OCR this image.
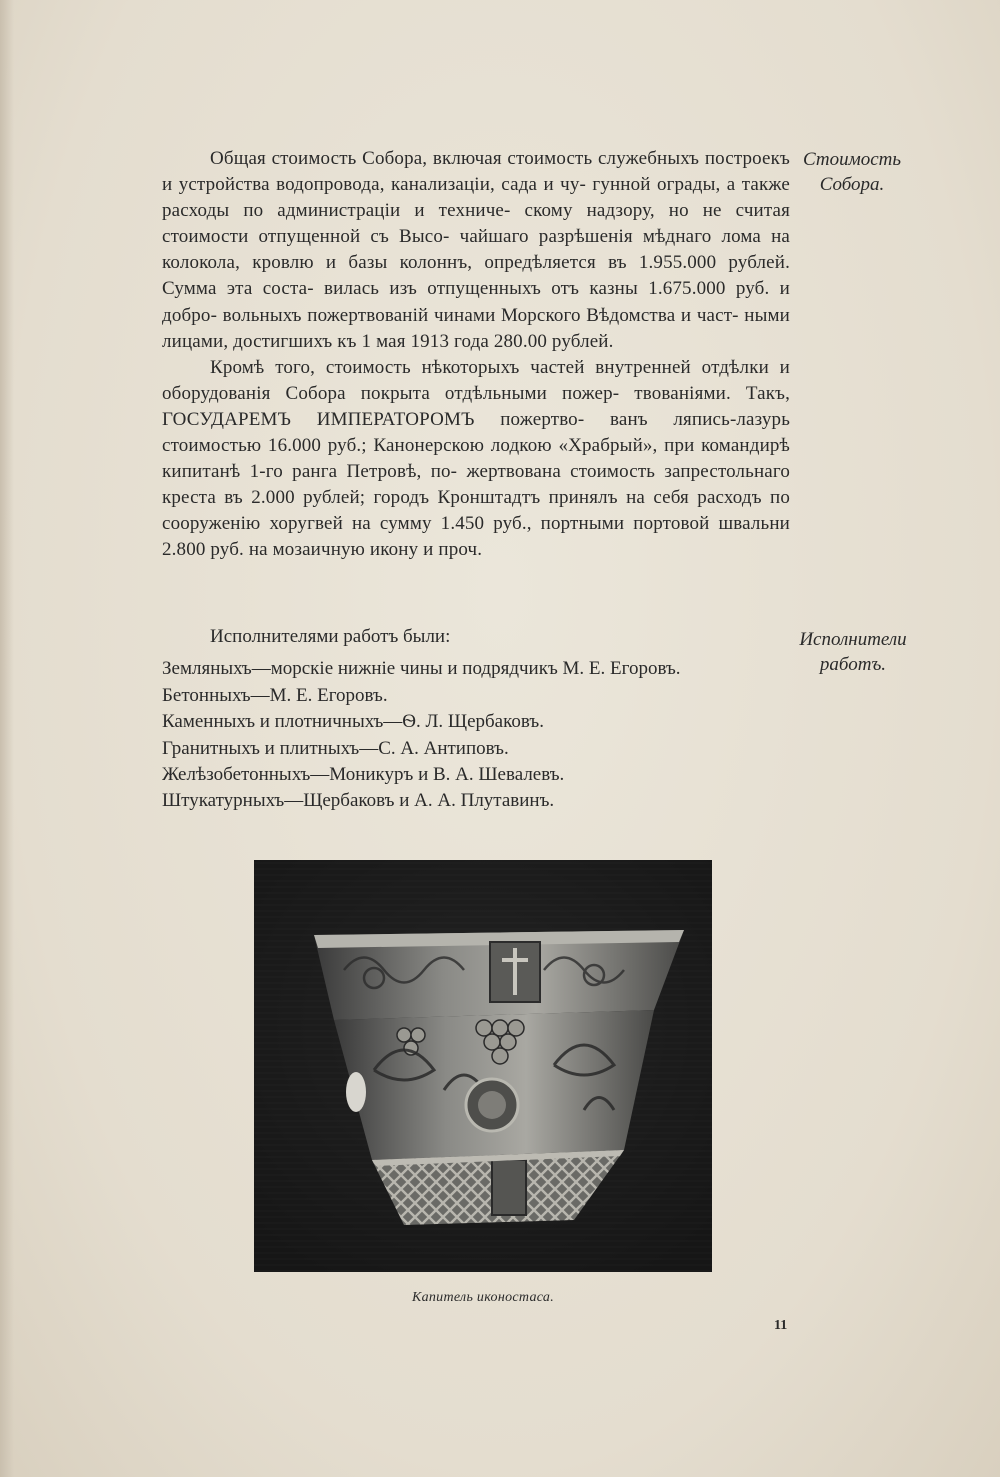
Общая стоимость Собора, включая стоимость служебныхъ построекъ и устройства водопровода, канализаціи, сада и чу- гунной ограды, а также расходы по администраціи и техниче- скому надзору, но не считая стоимости отпущенной съ Высо- чайшаго разрѣшенія мѣднаго лома на колокола, кровлю и базы колоннъ, опредѣляется въ 1.955.000 рублей. Сумма эта соста- вилась изъ отпущенныхъ отъ казны 1.675.000 руб. и добро- вольныхъ пожертвованій чинами Морского Вѣдомства и част- ными лицами, достигшихъ къ 1 мая 1913 года 280.00 рублей.

Кромѣ того, стоимость нѣкоторыхъ частей внутренней отдѣлки и оборудованія Собора покрыта отдѣльными пожер- твованіями. Такъ, ГОСУДАРЕМЪ ИМПЕРАТОРОМЪ пожертво- ванъ ляпись-лазурь стоимостью 16.000 руб.; Канонерскою лодкою «Храбрый», при командирѣ кипитанѣ 1-го ранга Петровѣ, по- жертвована стоимость запрестольнаго креста въ 2.000 рублей; городъ Кронштадтъ принялъ на себя расходъ по сооруженію хоругвей на сумму 1.450 руб., портными портовой швальни 2.800 руб. на мозаичную икону и проч.

Стоимость
Собора.

Исполнителями работъ были:

Земляныхъ—морскіе нижніе чины и подрядчикъ М. Е. Егоровъ.

Бетонныхъ—М. Е. Егоровъ.

Каменныхъ и плотничныхъ—Ѳ. Л. Щербаковъ.

Гранитныхъ и плитныхъ—С. А. Антиповъ.

Желѣзобетонныхъ—Моникуръ и В. А. Шевалевъ.

Штукатурныхъ—Щербаковъ и А. А. Плутавинъ.

Исполнители
работъ.
Капитель иконостаса.
11
